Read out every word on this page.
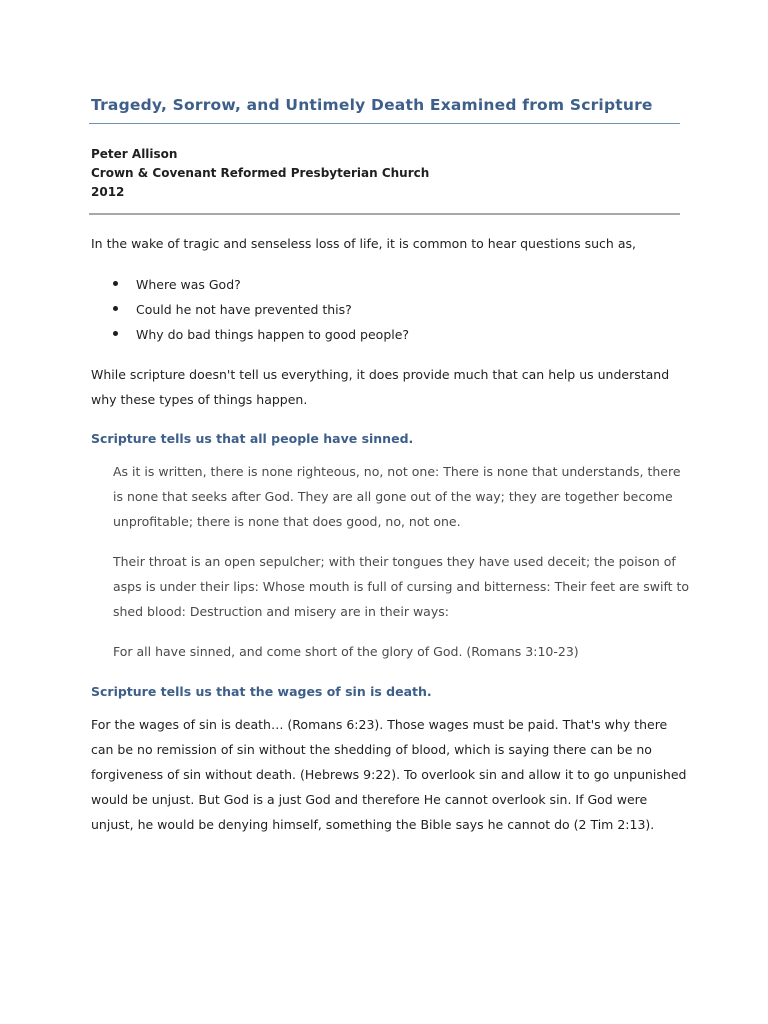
Tragedy, Sorrow, and Untimely Death Examined from Scripture
Peter Allison
Crown & Covenant Reformed Presbyterian Church
2012

In the wake of tragic and senseless loss of life, it is common to hear questions such as,

Where was God?
Could he not have prevented this?
Why do bad things happen to good people?

While scripture doesn't tell us everything, it does provide much that can help us understand why these types of things happen.

Scripture tells us that all people have sinned.

As it is written, there is none righteous, no, not one: There is none that understands, there is none that seeks after God. They are all gone out of the way; they are together become unprofitable; there is none that does good, no, not one.

Their throat is an open sepulcher; with their tongues they have used deceit; the poison of asps is under their lips: Whose mouth is full of cursing and bitterness: Their feet are swift to shed blood: Destruction and misery are in their ways:

For all have sinned, and come short of the glory of God. (Romans 3:10-23)

Scripture tells us that the wages of sin is death.

For the wages of sin is death… (Romans 6:23). Those wages must be paid. That's why there can be no remission of sin without the shedding of blood, which is saying there can be no forgiveness of sin without death. (Hebrews 9:22). To overlook sin and allow it to go unpunished would be unjust. But God is a just God and therefore He cannot overlook sin. If God were unjust, he would be denying himself, something the Bible says he cannot do (2 Tim 2:13).
